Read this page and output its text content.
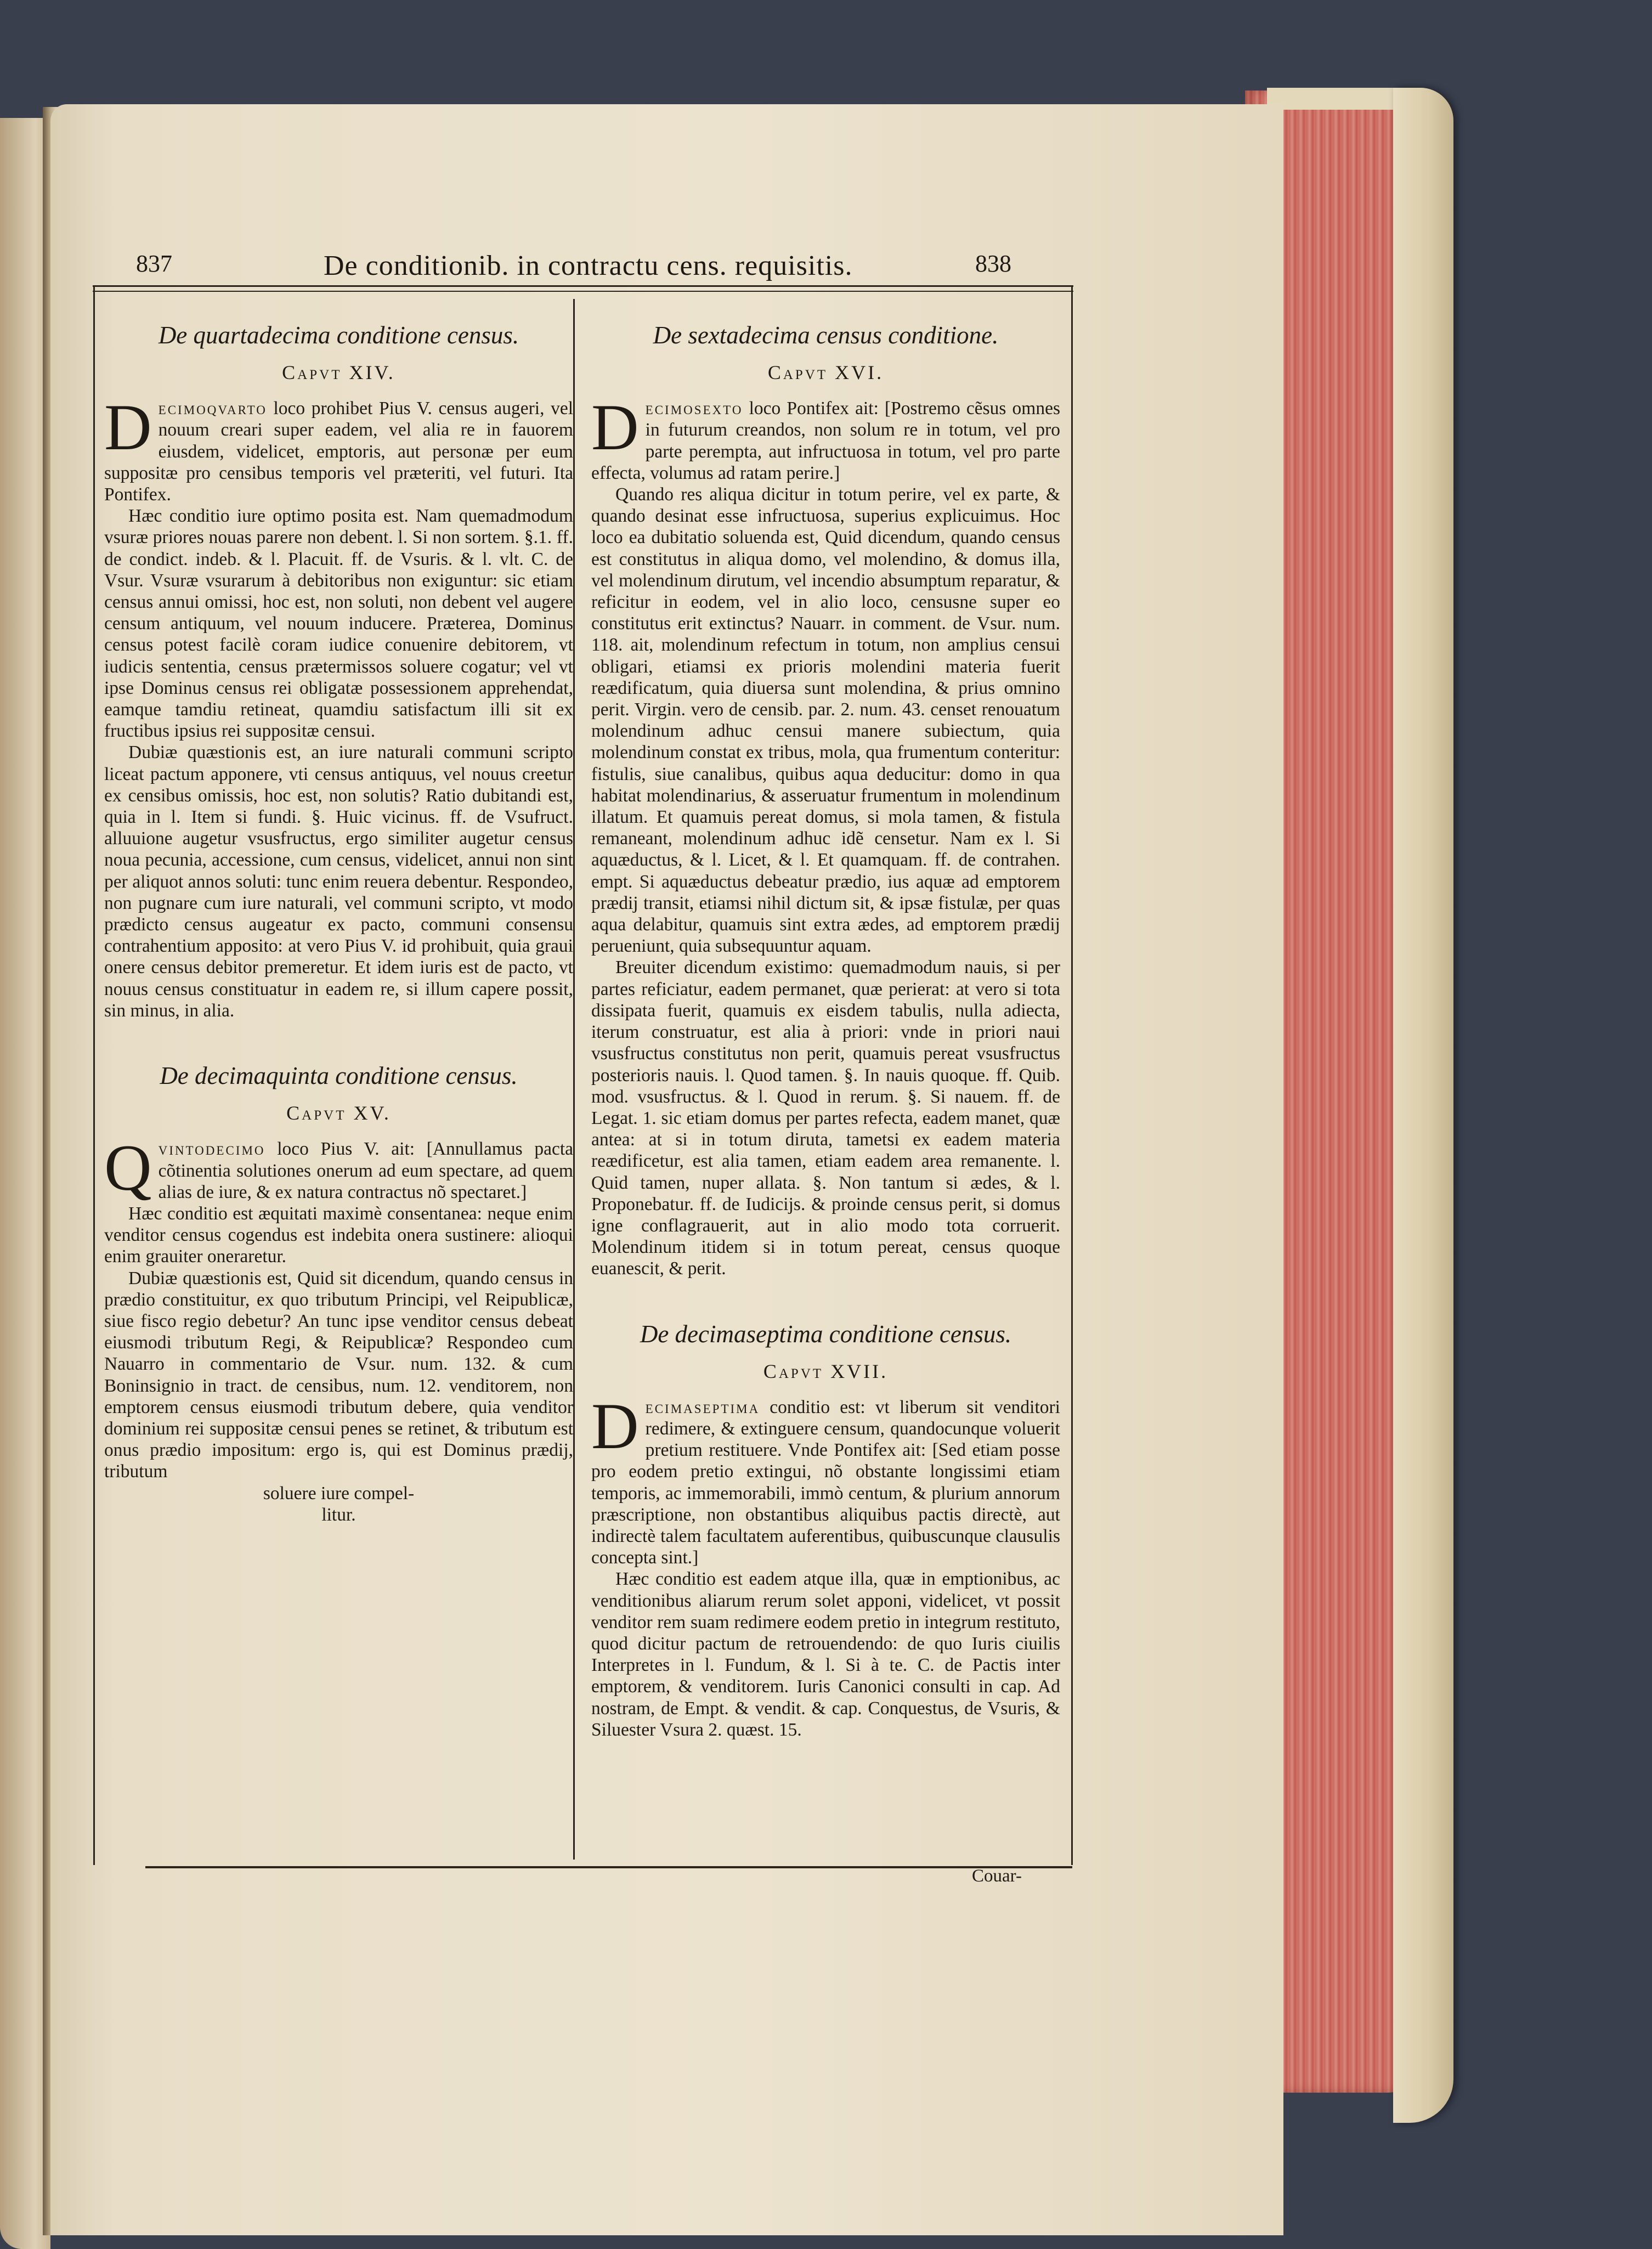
837	De conditionib. in contractu cens. requisitis.	838
De quartadecima conditione census.
Capvt XIV.

Decimoqvarto loco prohibet Pius V. census augeri, vel nouum creari super eadem, vel alia re in fauorem eiusdem, videlicet, emptoris, aut personæ per eum suppositæ pro censibus temporis vel præteriti, vel futuri. Ita Pontifex.

Hæc conditio iure optimo posita est. Nam quemadmodum vsuræ priores nouas parere non debent. l. Si non sortem. §.1. ff. de condict. indeb. & l. Placuit. ff. de Vsuris. & l. vlt. C. de Vsur. Vsuræ vsurarum à debitoribus non exiguntur: sic etiam census annui omissi, hoc est, non soluti, non debent vel augere censum antiquum, vel nouum inducere. Præterea, Dominus census potest facilè coram iudice conuenire debitorem, vt iudicis sententia, census prætermissos soluere cogatur; vel vt ipse Dominus census rei obligatæ possessionem apprehendat, eamque tamdiu retineat, quamdiu satisfactum illi sit ex fructibus ipsius rei suppositæ censui.

Dubiæ quæstionis est, an iure naturali communi scripto liceat pactum apponere, vti census antiquus, vel nouus creetur ex censibus omissis, hoc est, non solutis? Ratio dubitandi est, quia in l. Item si fundi. §. Huic vicinus. ff. de Vsufruct. alluuione augetur vsusfructus, ergo similiter augetur census noua pecunia, accessione, cum census, videlicet, annui non sint per aliquot annos soluti: tunc enim reuera debentur. Respondeo, non pugnare cum iure naturali, vel communi scripto, vt modo prædicto census augeatur ex pacto, communi consensu contrahentium apposito: at vero Pius V. id prohibuit, quia graui onere census debitor premeretur. Et idem iuris est de pacto, vt nouus census constituatur in eadem re, si illum capere possit, sin minus, in alia.

De decimaquinta conditione census.
Capvt XV.

Qvintodecimo loco Pius V. ait: [Annullamus pacta cõtinentia solutiones onerum ad eum spectare, ad quem alias de iure, & ex natura contractus nõ spectaret.]

Hæc conditio est æquitati maximè consentanea: neque enim venditor census cogendus est indebita onera sustinere: alioqui enim grauiter oneraretur.

Dubiæ quæstionis est, Quid sit dicendum, quando census in prædio constituitur, ex quo tributum Principi, vel Reipublicæ, siue fisco regio debetur? An tunc ipse venditor census debeat eiusmodi tributum Regi, & Reipublicæ? Respondeo cum Nauarro in commentario de Vsur. num. 132. & cum Boninsignio in tract. de censibus, num. 12. venditorem, non emptorem census eiusmodi tributum debere, quia venditor dominium rei suppositæ censui penes se retinet, & tributum est onus prædio impositum: ergo is, qui est Dominus prædij, tributum

soluere iure compel-

litur.

De sextadecima census conditione.
Capvt XVI.

Decimosexto loco Pontifex ait: [Postremo cẽsus omnes in futurum creandos, non solum re in totum, vel pro parte perempta, aut infructuosa in totum, vel pro parte effecta, volumus ad ratam perire.]

Quando res aliqua dicitur in totum perire, vel ex parte, & quando desinat esse infructuosa, superius explicuimus. Hoc loco ea dubitatio soluenda est, Quid dicendum, quando census est constitutus in aliqua domo, vel molendino, & domus illa, vel molendinum dirutum, vel incendio absumptum reparatur, & reficitur in eodem, vel in alio loco, censusne super eo constitutus erit extinctus? Nauarr. in comment. de Vsur. num. 118. ait, molendinum refectum in totum, non amplius censui obligari, etiamsi ex prioris molendini materia fuerit reædificatum, quia diuersa sunt molendina, & prius omnino perit. Virgin. vero de censib. par. 2. num. 43. censet renouatum molendinum adhuc censui manere subiectum, quia molendinum constat ex tribus, mola, qua frumentum conteritur: fistulis, siue canalibus, quibus aqua deducitur: domo in qua habitat molendinarius, & asseruatur frumentum in molendinum illatum. Et quamuis pereat domus, si mola tamen, & fistula remaneant, molendinum adhuc idẽ censetur. Nam ex l. Si aquæductus, & l. Licet, & l. Et quamquam. ff. de contrahen. empt. Si aquæductus debeatur prædio, ius aquæ ad emptorem prædij transit, etiamsi nihil dictum sit, & ipsæ fistulæ, per quas aqua delabitur, quamuis sint extra ædes, ad emptorem prædij perueniunt, quia subsequuntur aquam.

Breuiter dicendum existimo: quemadmodum nauis, si per partes reficiatur, eadem permanet, quæ perierat: at vero si tota dissipata fuerit, quamuis ex eisdem tabulis, nulla adiecta, iterum construatur, est alia à priori: vnde in priori naui vsusfructus constitutus non perit, quamuis pereat vsusfructus posterioris nauis. l. Quod tamen. §. In nauis quoque. ff. Quib. mod. vsusfructus. & l. Quod in rerum. §. Si nauem. ff. de Legat. 1. sic etiam domus per partes refecta, eadem manet, quæ antea: at si in totum diruta, tametsi ex eadem materia reædificetur, est alia tamen, etiam eadem area remanente. l. Quid tamen, nuper allata. §. Non tantum si ædes, & l. Proponebatur. ff. de Iudicijs. & proinde census perit, si domus igne conflagrauerit, aut in alio modo tota corruerit. Molendinum itidem si in totum pereat, census quoque euanescit, & perit.

De decimaseptima conditione census.
Capvt XVII.

Decimaseptima conditio est: vt liberum sit venditori redimere, & extinguere censum, quandocunque voluerit pretium restituere. Vnde Pontifex ait: [Sed etiam posse pro eodem pretio extingui, nõ obstante longissimi etiam temporis, ac immemorabili, immò centum, & plurium annorum præscriptione, non obstantibus aliquibus pactis directè, aut indirectè talem facultatem auferentibus, quibuscunque clausulis concepta sint.]

Hæc conditio est eadem atque illa, quæ in emptionibus, ac venditionibus aliarum rerum solet apponi, videlicet, vt possit venditor rem suam redimere eodem pretio in integrum restituto, quod dicitur pactum de retrouendendo: de quo Iuris ciuilis Interpretes in l. Fundum, & l. Si à te. C. de Pactis inter emptorem, & venditorem. Iuris Canonici consulti in cap. Ad nostram, de Empt. & vendit. & cap. Conquestus, de Vsuris, & Siluester Vsura 2. quæst. 15.

Couar-
